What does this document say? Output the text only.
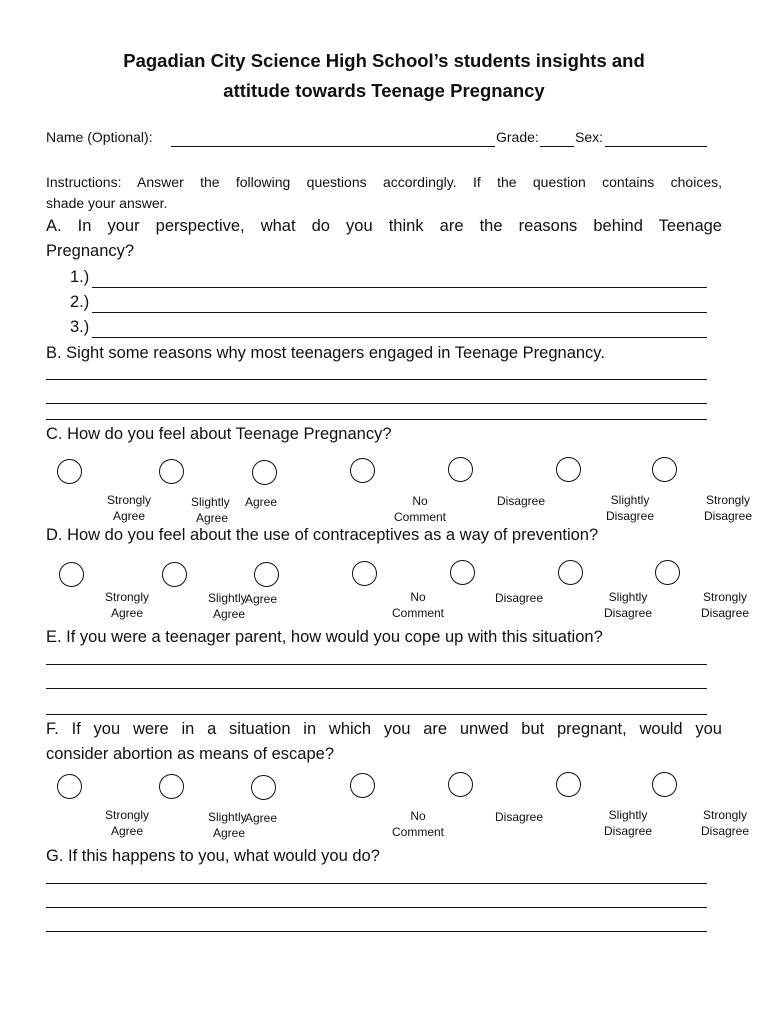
Pagadian City Science High School’s students insights and
attitude towards Teenage Pregnancy
Name (Optional):	Grade:	Sex:
Instructions: Answer the following questions accordingly. If the question contains choices,
shade your answer.
A. In your perspective, what do you think are the reasons behind Teenage
Pregnancy?
1.)
2.)
3.)
B. Sight some reasons why most teenagers engaged in Teenage Pregnancy.
C. How do you feel about Teenage Pregnancy?
Strongly
Agree
Slightly
Agree
Agree	No
Comment
Disagree	Slightly
Disagree
Strongly
Disagree
D. How do you feel about the use of contraceptives as a way of prevention?
Strongly
Agree
Slightly
Agree
Agree	No
Comment
Disagree	Slightly
Disagree
Strongly
Disagree
E. If you were a teenager parent, how would you cope up with this situation?
F. If you were in a situation in which you are unwed but pregnant, would you
consider abortion as means of escape?
Strongly
Agree
Slightly
Agree
Agree	No
Comment
Disagree	Slightly
Disagree
Strongly
Disagree
G. If this happens to you, what would you do?
